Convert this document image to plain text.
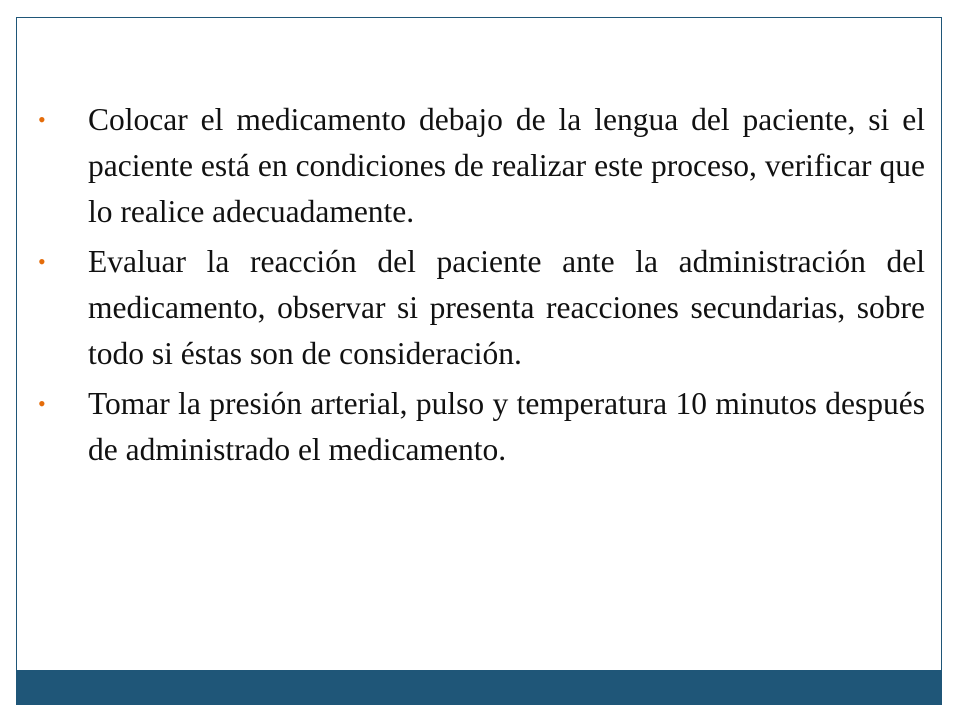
• Colocar el medicamento debajo de la lengua del paciente, si el paciente está en condiciones de realizar este proceso, verificar que lo realice adecuadamente.
• Evaluar la reacción del paciente ante la administración del medicamento, observar si presenta reacciones secundarias, sobre todo si éstas son de consideración.
• Tomar la presión arterial, pulso y temperatura 10 minutos después de administrado el medicamento.
